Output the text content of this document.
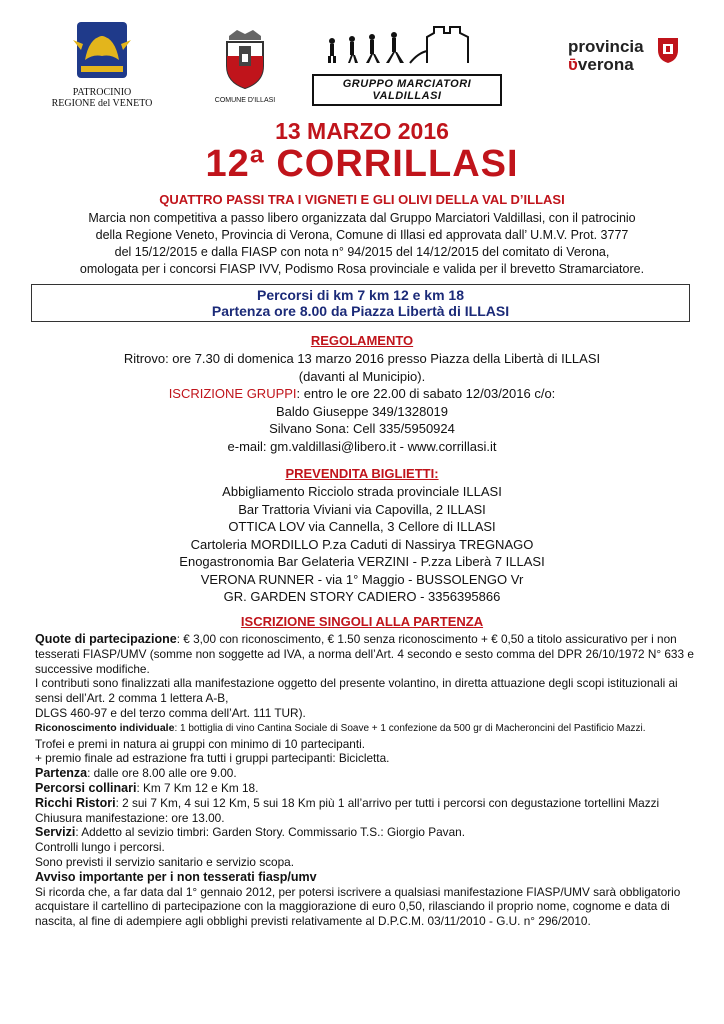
PATROCINIO
REGIONE del VENETO	COMUNE D'ILLASI
GRUPPO MARCIATORI VALDILLASI
provincia
ʋ̄verona
13 MARZO 2016
12ª CORRILLASI
QUATTRO PASSI TRA I VIGNETI E GLI OLIVI DELLA VAL D’ILLASI
Marcia non competitiva a passo libero organizzata dal Gruppo Marciatori Valdillasi, con il patrocinio
della Regione Veneto, Provincia di Verona, Comune di Illasi ed approvata dall’ U.M.V. Prot. 3777
del 15/12/2015 e dalla FIASP con nota n° 94/2015 del 14/12/2015 del comitato di Verona,
omologata per i concorsi FIASP IVV, Podismo Rosa provinciale e valida per il brevetto Stramarciatore.
Percorsi di km 7 km 12 e km 18
Partenza ore 8.00 da Piazza Libertà di ILLASI
REGOLAMENTO
Ritrovo: ore 7.30 di domenica 13 marzo 2016 presso Piazza della Libertà di ILLASI
(davanti al Municipio).
ISCRIZIONE GRUPPI: entro le ore 22.00 di sabato 12/03/2016 c/o:
Baldo Giuseppe 349/1328019
Silvano Sona: Cell 335/5950924
e-mail: gm.valdillasi@libero.it - www.corrillasi.it
PREVENDITA BIGLIETTI:
Abbigliamento Ricciolo strada provinciale ILLASI
Bar Trattoria Viviani via Capovilla, 2 ILLASI
OTTICA LOV via Cannella, 3 Cellore di ILLASI
Cartoleria MORDILLO P.za Caduti di Nassirya TREGNAGO
Enogastronomia Bar Gelateria VERZINI - P.zza Liberà 7 ILLASI
VERONA RUNNER - via 1° Maggio - BUSSOLENGO Vr
GR. GARDEN STORY CADIERO - 3356395866
ISCRIZIONE SINGOLI ALLA PARTENZA

Quote di partecipazione: € 3,00 con riconoscimento, € 1.50 senza riconoscimento + € 0,50 a titolo assicurativo per i non tesserati FIASP/UMV (somme non soggette ad IVA, a norma dell’Art. 4 secondo e sesto comma del DPR 26/10/1972 N° 633 e successive modifiche.

I contributi sono finalizzati alla manifestazione oggetto del presente volantino, in diretta attuazione degli scopi istituzionali ai sensi dell’Art. 2 comma 1 lettera A-B,

DLGS 460-97 e del terzo comma dell’Art. 111 TUR).

Riconoscimento individuale: 1 bottiglia di vino Cantina Sociale di Soave + 1 confezione da 500 gr di Macheroncini del Pastificio Mazzi.

Trofei e premi in natura ai gruppi con minimo di 10 partecipanti.

+ premio finale ad estrazione fra tutti i gruppi partecipanti: Bicicletta.

Partenza: dalle ore 8.00 alle ore 9.00.

Percorsi collinari: Km 7 Km 12 e Km 18.

Ricchi Ristori: 2 sui 7 Km, 4 sui 12 Km, 5 sui 18 Km più 1 all’arrivo per tutti i percorsi con degustazione tortellini Mazzi

Chiusura manifestazione: ore 13.00.

Servizi: Addetto al sevizio timbri: Garden Story. Commissario T.S.: Giorgio Pavan.

Controlli lungo i percorsi.

Sono previsti il servizio sanitario e servizio scopa.

Avviso importante per i non tesserati fiasp/umv

Si ricorda che, a far data dal 1° gennaio 2012, per potersi iscrivere a qualsiasi manifestazione FIASP/UMV sarà obbligatorio acquistare il cartellino di partecipazione con la maggiorazione di euro 0,50, rilasciando il proprio nome, cognome e data di nascita, al fine di adempiere agli obblighi previsti relativamente al D.P.C.M. 03/11/2010 - G.U. n° 296/2010.
